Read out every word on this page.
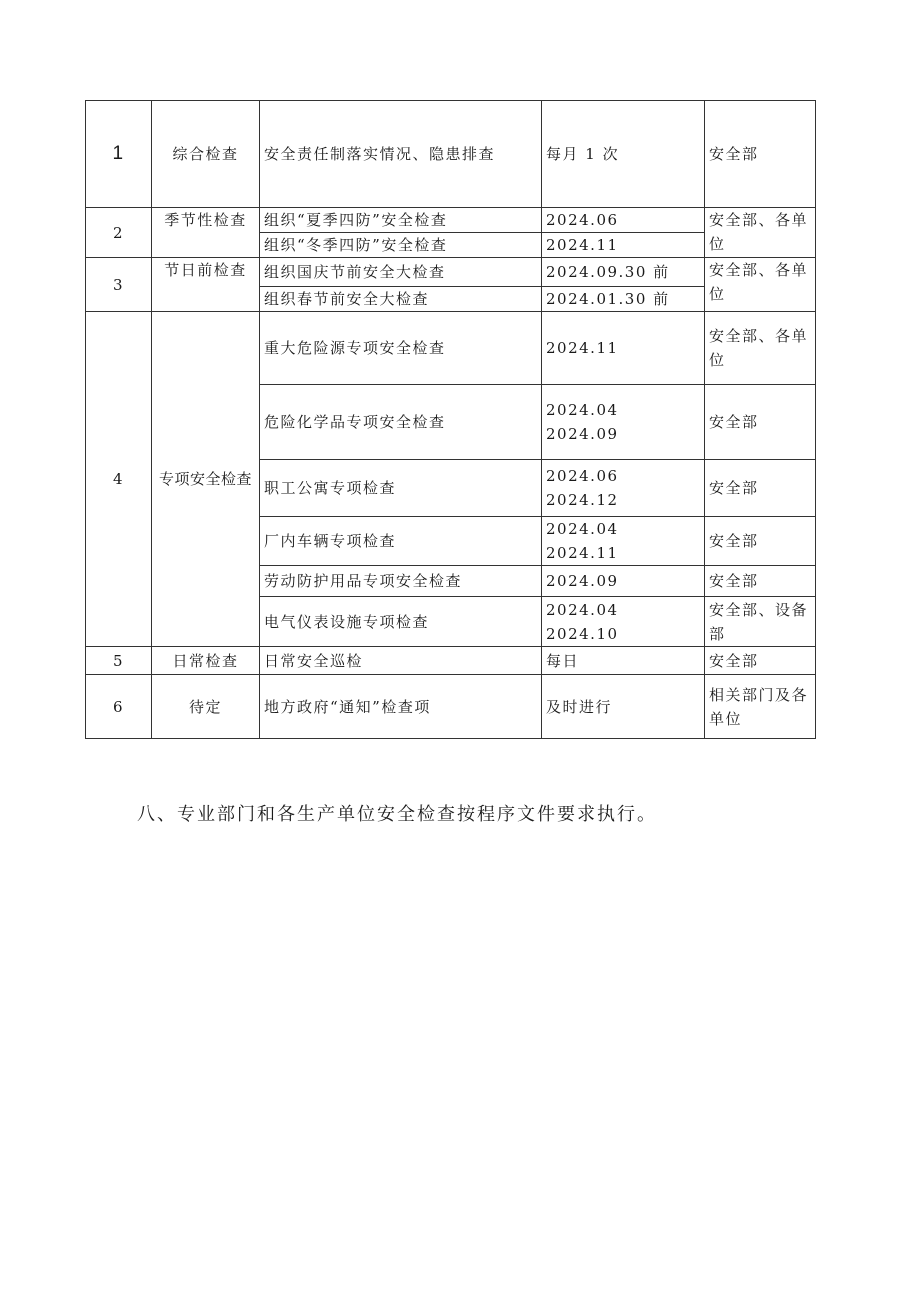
1	综合检查	安全责任制落实情况、隐患排查	每月 1 次	安全部
2	季节性检查	组织“夏季四防”安全检查	2024.06	安全部、各单位
		组织“冬季四防”安全检查	2024.11	
3	节日前检查	组织国庆节前安全大检查	2024.09.30 前	安全部、各单位
		组织春节前安全大检查	2024.01.30 前	
4	专项安全检查	重大危险源专项安全检查	2024.11	安全部、各单位
		危险化学品专项安全检查	2024.04
2024.09	安全部
		职工公寓专项检查	2024.06
2024.12	安全部
		厂内车辆专项检查	2024.04
2024.11	安全部
		劳动防护用品专项安全检查	2024.09	安全部
		电气仪表设施专项检查	2024.04
2024.10	安全部、设备部
5	日常检查	日常安全巡检	每日	安全部
6	待定	地方政府“通知”检查项	及时进行	相关部门及各单位
八、专业部门和各生产单位安全检查按程序文件要求执行。
